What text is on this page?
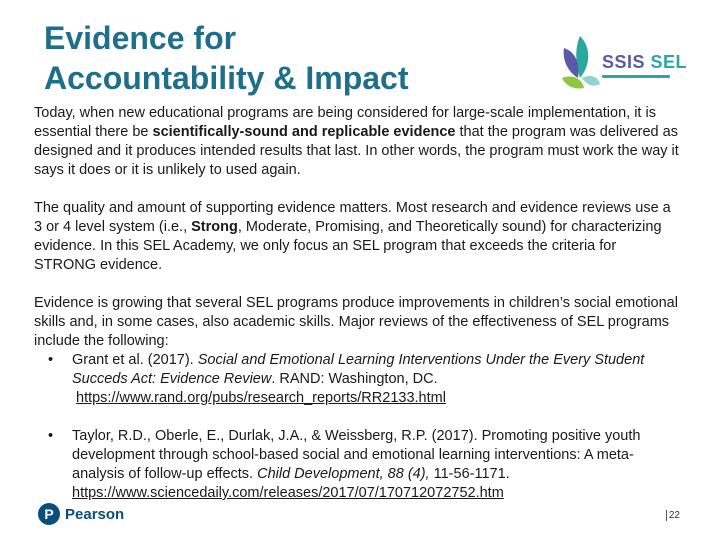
Evidence for
Accountability & Impact	SSIS SEL

Today, when new educational programs are being considered for large-scale implementation, it is essential there be scientifically-sound and replicable evidence that the program was delivered as designed and it produces intended results that last. In other words, the program must work the way it says it does or it is unlikely to used again.

The quality and amount of supporting evidence matters. Most research and evidence reviews use a 3 or 4 level system (i.e., Strong, Moderate, Promising, and Theoretically sound) for characterizing evidence. In this SEL Academy, we only focus an SEL program that exceeds the criteria for STRONG evidence.

Evidence is growing that several SEL programs produce improvements in children’s social emotional skills and, in some cases, also academic skills. Major reviews of the effectiveness of SEL programs include the following:

• Grant et al. (2017). Social and Emotional Learning Interventions Under the Every Student Succeds Act: Evidence Review. RAND: Washington, DC.
https://www.rand.org/pubs/research_reports/RR2133.html
• Taylor, R.D., Oberle, E., Durlak, J.A., & Weissberg, R.P. (2017). Promoting positive youth development through school-based social and emotional learning interventions: A meta-analysis of follow-up effects. Child Development, 88 (4), 11-56-1171. https://www.sciencedaily.com/releases/2017/07/170712072752.htm
P Pearson	22
